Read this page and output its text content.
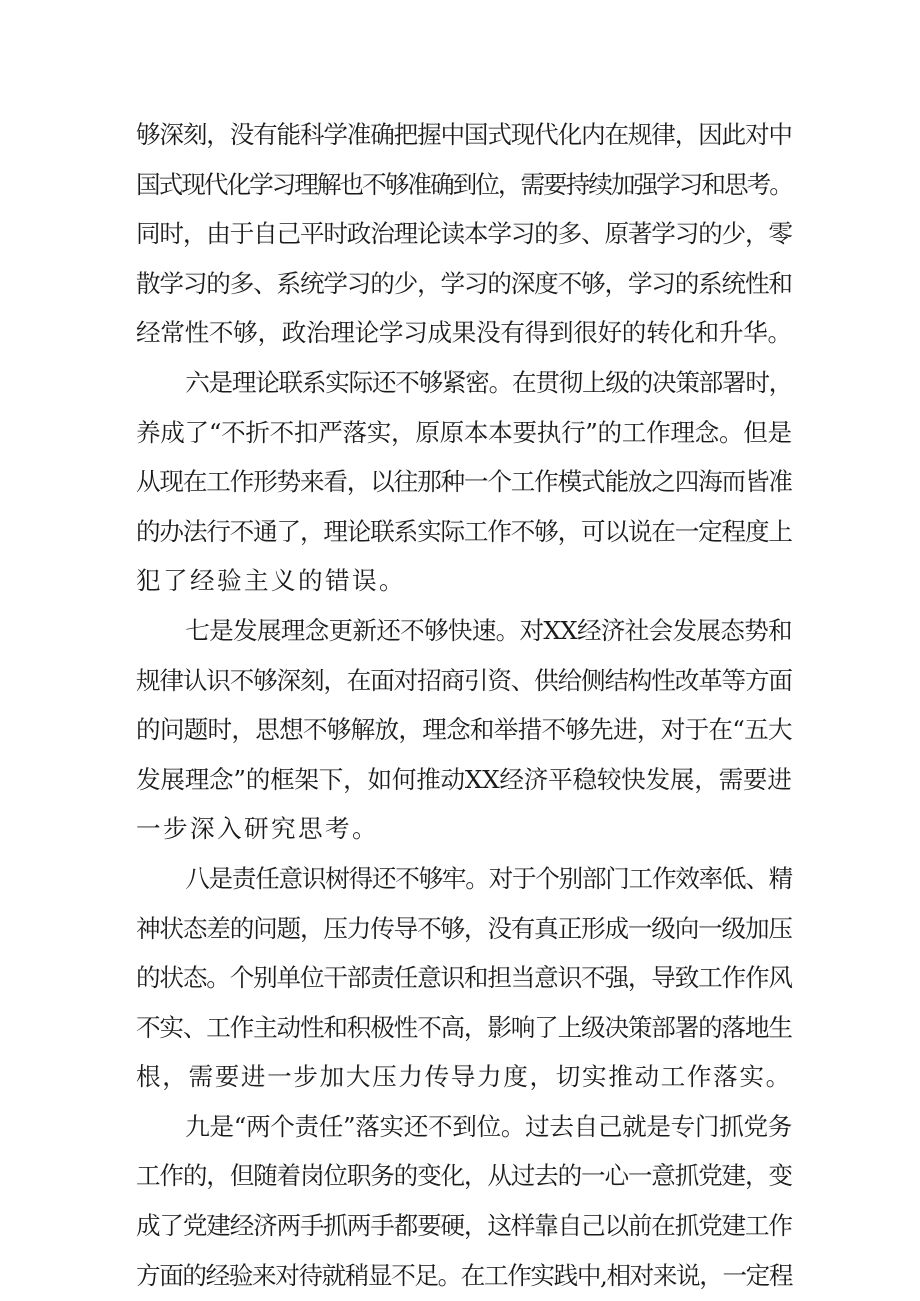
够深刻，没有能科学准确把握中国式现代化内在规律，因此对中
国式现代化学习理解也不够准确到位，需要持续加强学习和思考。
同时，由于自己平时政治理论读本学习的多、原著学习的少，零
散学习的多、系统学习的少，学习的深度不够，学习的系统性和
经常性不够，政治理论学习成果没有得到很好的转化和升华。
六是理论联系实际还不够紧密。在贯彻上级的决策部署时，
养成了“不折不扣严落实，原原本本要执行”的工作理念。但是
从现在工作形势来看，以往那种一个工作模式能放之四海而皆准
的办法行不通了，理论联系实际工作不够，可以说在一定程度上
犯了经验主义的错误。
七是发展理念更新还不够快速。对XX经济社会发展态势和
规律认识不够深刻，在面对招商引资、供给侧结构性改革等方面
的问题时，思想不够解放，理念和举措不够先进，对于在“五大
发展理念”的框架下，如何推动XX经济平稳较快发展，需要进
一步深入研究思考。
八是责任意识树得还不够牢。对于个别部门工作效率低、精
神状态差的问题，压力传导不够，没有真正形成一级向一级加压
的状态。个别单位干部责任意识和担当意识不强，导致工作作风
不实、工作主动性和积极性不高，影响了上级决策部署的落地生
根，需要进一步加大压力传导力度，切实推动工作落实。
九是“两个责任”落实还不到位。过去自己就是专门抓党务
工作的，但随着岗位职务的变化，从过去的一心一意抓党建，变
成了党建经济两手抓两手都要硬，这样靠自己以前在抓党建工作
方面的经验来对待就稍显不足。在工作实践中,相对来说，一定程
